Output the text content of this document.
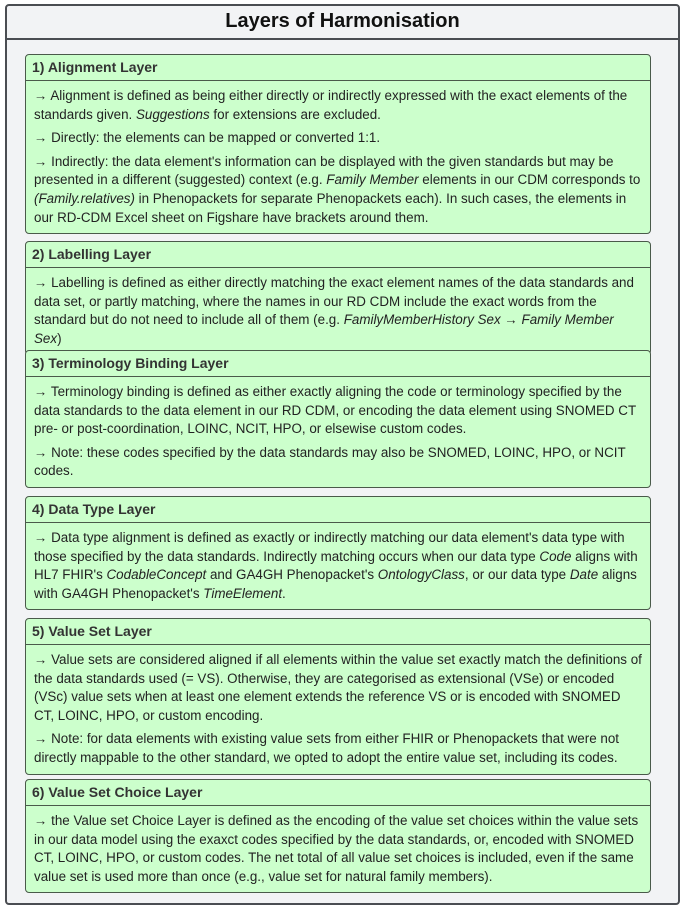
Layers of Harmonisation
1) Alignment Layer
→ Alignment is defined as being either directly or indirectly expressed with the exact elements of the standards given. Suggestions for extensions are excluded.
→ Directly: the elements can be mapped or converted 1:1.
→ Indirectly: the data element's information can be displayed with the given standards but may be presented in a different (suggested) context (e.g. Family Member elements in our CDM corresponds to (Family.relatives) in Phenopackets for separate Phenopackets each). In such cases, the elements in our RD-CDM Excel sheet on Figshare have brackets around them.
2) Labelling Layer
→ Labelling is defined as either directly matching the exact element names of the data standards and data set, or partly matching, where the names in our RD CDM include the exact words from the standard but do not need to include all of them (e.g. FamilyMemberHistory Sex → Family Member Sex)
3) Terminology Binding Layer
→ Terminology binding is defined as either exactly aligning the code or terminology specified by the data standards to the data element in our RD CDM, or encoding the data element using SNOMED CT pre- or post-coordination, LOINC, NCIT, HPO, or elsewise custom codes.
→ Note: these codes specified by the data standards may also be SNOMED, LOINC, HPO, or NCIT codes.
4) Data Type Layer
→ Data type alignment is defined as exactly or indirectly matching our data element's data type with those specified by the data standards. Indirectly matching occurs when our data type Code aligns with HL7 FHIR's CodableConcept and GA4GH Phenopacket's OntologyClass, or our data type Date aligns with GA4GH Phenopacket's TimeElement.
5) Value Set Layer
→ Value sets are considered aligned if all elements within the value set exactly match the definitions of the data standards used (= VS). Otherwise, they are categorised as extensional (VSe) or encoded (VSc) value sets when at least one element extends the reference VS or is encoded with SNOMED CT, LOINC, HPO, or custom encoding.
→ Note: for data elements with existing value sets from either FHIR or Phenopackets that were not directly mappable to the other standard, we opted to adopt the entire value set, including its codes.
6) Value Set Choice Layer
→ the Value set Choice Layer is defined as the encoding of the value set choices within the value sets in our data model using the exaxct codes specified by the data standards, or, encoded with SNOMED CT, LOINC, HPO, or custom codes. The net total of all value set choices is included, even if the same value set is used more than once (e.g., value set for natural family members).
